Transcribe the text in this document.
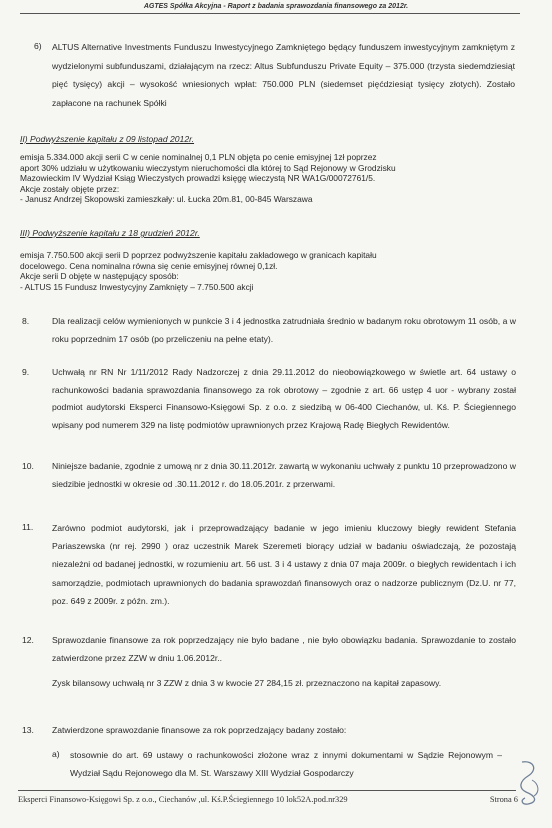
AGTES Spółka Akcyjna - Raport z badania sprawozdania finansowego za 2012r.
6) ALTUS Alternative Investments Funduszu Inwestycyjnego Zamkniętego będący funduszem inwestycyjnym zamkniętym z wydzielonymi subfunduszami, działającym na rzecz: Altus Subfunduszu Private Equity – 375.000 (trzysta siedemdziesiąt pięć tysięcy) akcji – wysokość wniesionych wpłat: 750.000 PLN (siedemset pięćdziesiąt tysięcy złotych). Zostało zapłacone na rachunek Spółki
II) Podwyższenie kapitału z 09 listopad 2012r.
emisja 5.334.000 akcji serii C w cenie nominalnej 0,1 PLN objęta po cenie emisyjnej 1zł poprzez
aport 30% udziału w użytkowaniu wieczystym nieruchomości dla której to Sąd Rejonowy w Grodzisku
Mazowieckim IV Wydział Ksiąg Wieczystych prowadzi księgę wieczystą NR WA1G/00072761/5.
Akcje zostały objęte przez:
- Janusz Andrzej Skopowski zamieszkały: ul. Łucka 20m.81, 00-845 Warszawa
III) Podwyższenie kapitału z 18 grudzień 2012r.
emisja 7.750.500 akcji serii D poprzez podwyższenie kapitału zakładowego w granicach kapitału
docelowego. Cena nominalna równa się cenie emisyjnej równej 0,1zł.
Akcje serii D objęte w następujący sposób:
- ALTUS 15 Fundusz Inwestycyjny Zamknięty – 7.750.500 akcji
8.	Dla realizacji celów wymienionych w punkcie 3 i 4 jednostka zatrudniała średnio w badanym roku obrotowym 11 osób, a w roku poprzednim 17 osób (po przeliczeniu na pełne etaty).
9.	Uchwałą nr RN Nr 1/11/2012 Rady Nadzorczej z dnia 29.11.2012 do nieobowiązkowego w świetle art. 64 ustawy o rachunkowości badania sprawozdania finansowego za rok obrotowy – zgodnie z art. 66 ustęp 4 uor - wybrany został podmiot audytorski Eksperci Finansowo-Księgowi Sp. z o.o. z siedzibą w 06-400 Ciechanów, ul. Kś. P. Ściegiennego wpisany pod numerem 329 na listę podmiotów uprawnionych przez Krajową Radę Biegłych Rewidentów.
10. Niniejsze badanie, zgodnie z umową nr z dnia 30.11.2012r. zawartą w wykonaniu uchwały z punktu 10 przeprowadzono w siedzibie jednostki w okresie od .30.11.2012 r. do 18.05.201r. z przerwami.
11. Zarówno podmiot audytorski, jak i przeprowadzający badanie w jego imieniu kluczowy biegły rewident Stefania Pariaszewska (nr rej. 2990 ) oraz uczestnik Marek Szeremeti biorący udział w badaniu oświadczają, że pozostają niezależni od badanej jednostki, w rozumieniu art. 56 ust. 3 i 4 ustawy z dnia 07 maja 2009r. o biegłych rewidentach i ich samorządzie, podmiotach uprawnionych do badania sprawozdań finansowych oraz o nadzorze publicznym (Dz.U. nr 77, poz. 649 z 2009r. z późn. zm.).
12. Sprawozdanie finansowe za rok poprzedzający nie było badane , nie było obowiązku badania. Sprawozdanie to zostało zatwierdzone przez ZZW w dniu 1.06.2012r..
Zysk bilansowy uchwałą nr 3 ZZW z dnia 3 w kwocie 27 284,15 zł. przeznaczono na kapitał zapasowy.
13. Zatwierdzone sprawozdanie finansowe za rok poprzedzający badany zostało:
a) stosownie do art. 69 ustawy o rachunkowości złożone wraz z innymi dokumentami w Sądzie Rejonowym – Wydział Sądu Rejonowego dla M. St. Warszawy XIII Wydział Gospodarczy
Eksperci Finansowo-Księgowi Sp. z o.o., Ciechanów ,ul. Kś.P.Ściegiennego 10 lok52A.pod.nr329	Strona 6
